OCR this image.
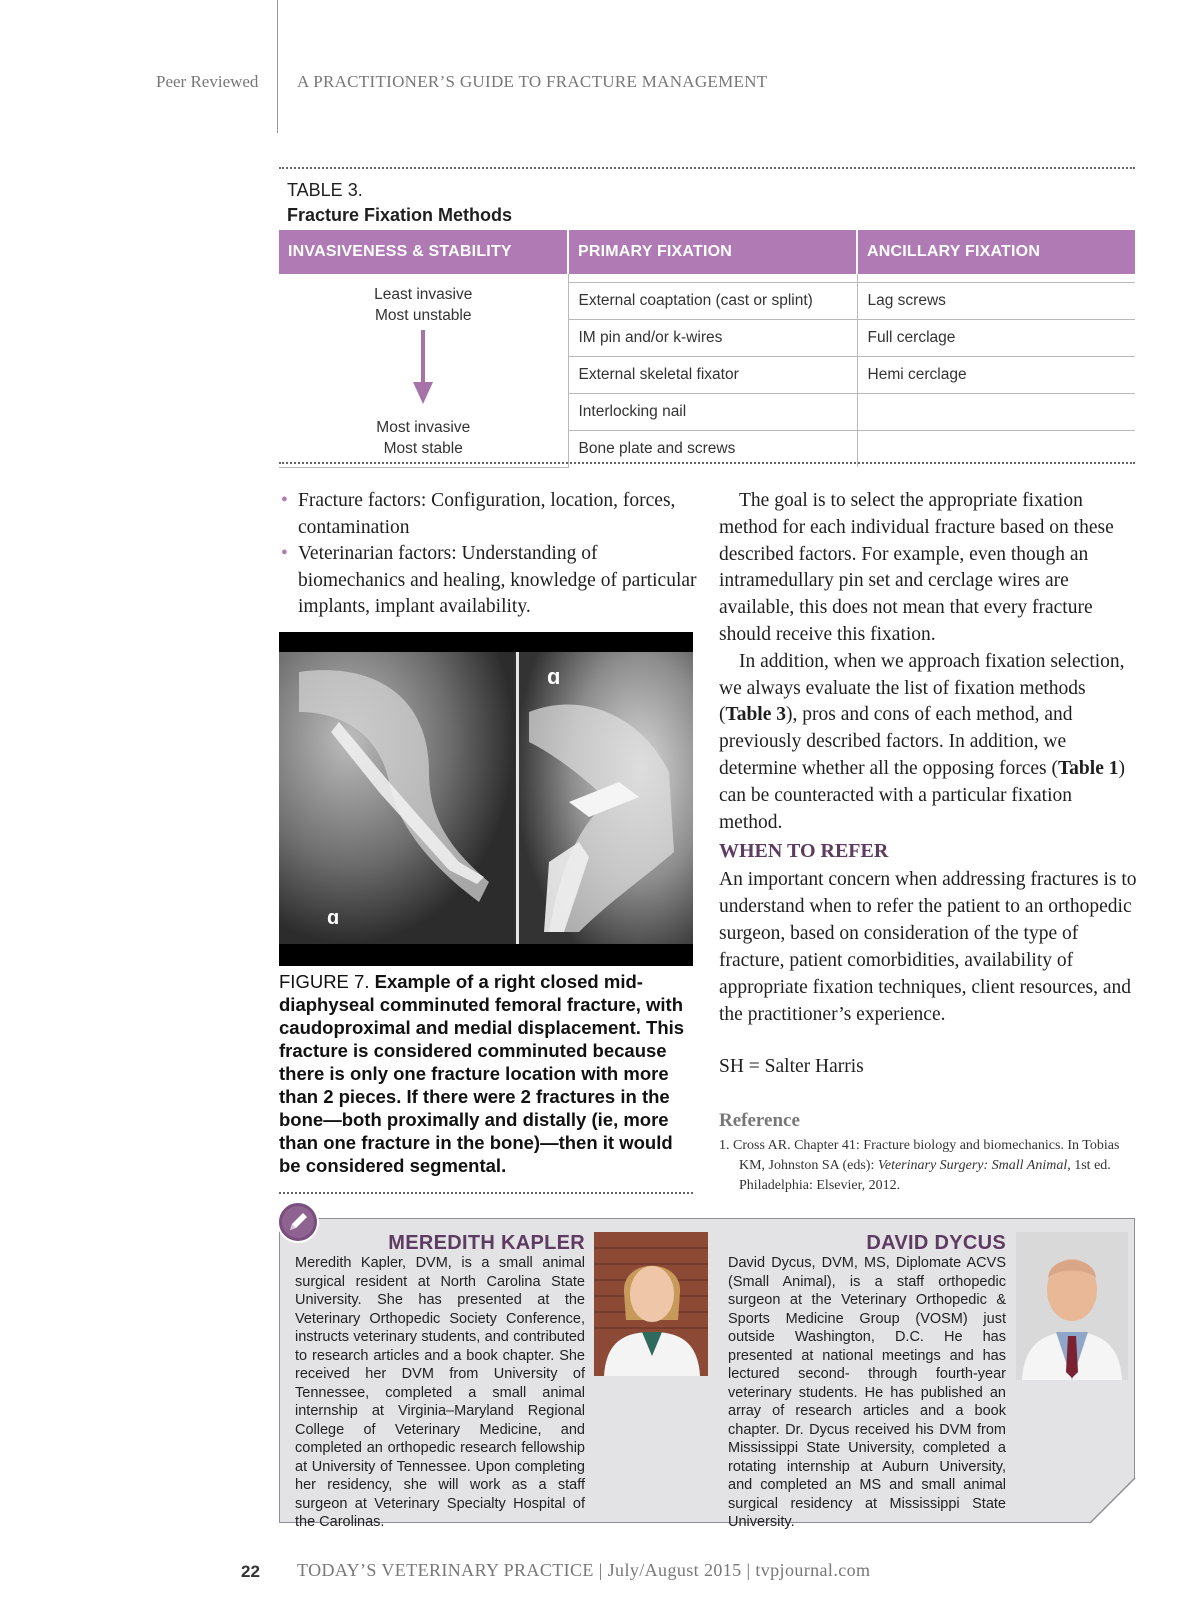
Peer Reviewed A PRACTITIONER’S GUIDE TO FRACTURE MANAGEMENT
TABLE 3.
Fracture Fixation Methods
INVASIVENESS & STABILITY	PRIMARY FIXATION	ANCILLARY FIXATION

Least invasive
Most unstable
Most invasive
Most stable		

	External coaptation (cast or splint)	Lag screws
	IM pin and/or k-wires	Full cerclage
	External skeletal fixator	Hemi cerclage
	Interlocking nail	
	Bone plate and screws	
• Fracture factors: Configuration, location, forces, contamination
• Veterinarian factors: Understanding of biomechanics and healing, knowledge of particular implants, implant availability.
ɑ
ɑ
FIGURE 7. Example of a right closed mid-diaphyseal comminuted femoral fracture, with caudoproximal and medial displacement. This fracture is considered comminuted because there is only one fracture location with more than 2 pieces. If there were 2 fractures in the bone—both proximally and distally (ie, more than one fracture in the bone)—then it would be considered segmental.

The goal is to select the appropriate fixation method for each individual fracture based on these described factors. For example, even though an intramedullary pin set and cerclage wires are available, this does not mean that every fracture should receive this fixation.

In addition, when we approach fixation selection, we always evaluate the list of fixation methods (Table 3), pros and cons of each method, and previously described factors. In addition, we determine whether all the opposing forces (Table 1) can be counteracted with a particular fixation method.

WHEN TO REFER

An important concern when addressing fractures is to understand when to refer the patient to an orthopedic surgeon, based on consideration of the type of fracture, patient comorbidities, availability of appropriate fixation techniques, client resources, and the practitioner’s experience.

SH = Salter Harris
Reference
1. Cross AR. Chapter 41: Fracture biology and biomechanics. In Tobias KM, Johnston SA (eds): Veterinary Surgery: Small Animal, 1st ed. Philadelphia: Elsevier, 2012.
MEREDITH KAPLER
Meredith Kapler, DVM, is a small animal surgical resident at North Carolina State University. She has presented at the Veterinary Orthopedic Society Conference, instructs veterinary students, and contributed to research articles and a book chapter. She received her DVM from University of Tennessee, completed a small animal internship at Virginia–Maryland Regional College of Veterinary Medicine, and completed an orthopedic research fellowship at University of Tennessee. Upon completing her residency, she will work as a staff surgeon at Veterinary Specialty Hospital of the Carolinas.
DAVID DYCUS
David Dycus, DVM, MS, Diplomate ACVS (Small Animal), is a staff orthopedic surgeon at the Veterinary Orthopedic & Sports Medicine Group (VOSM) just outside Washington, D.C. He has presented at national meetings and has lectured second- through fourth-year veterinary students. He has published an array of research articles and a book chapter. Dr. Dycus received his DVM from Mississippi State University, completed a rotating internship at Auburn University, and completed an MS and small animal surgical residency at Mississippi State University.
22 TODAY’S VETERINARY PRACTICE | July/August 2015 | tvpjournal.com
